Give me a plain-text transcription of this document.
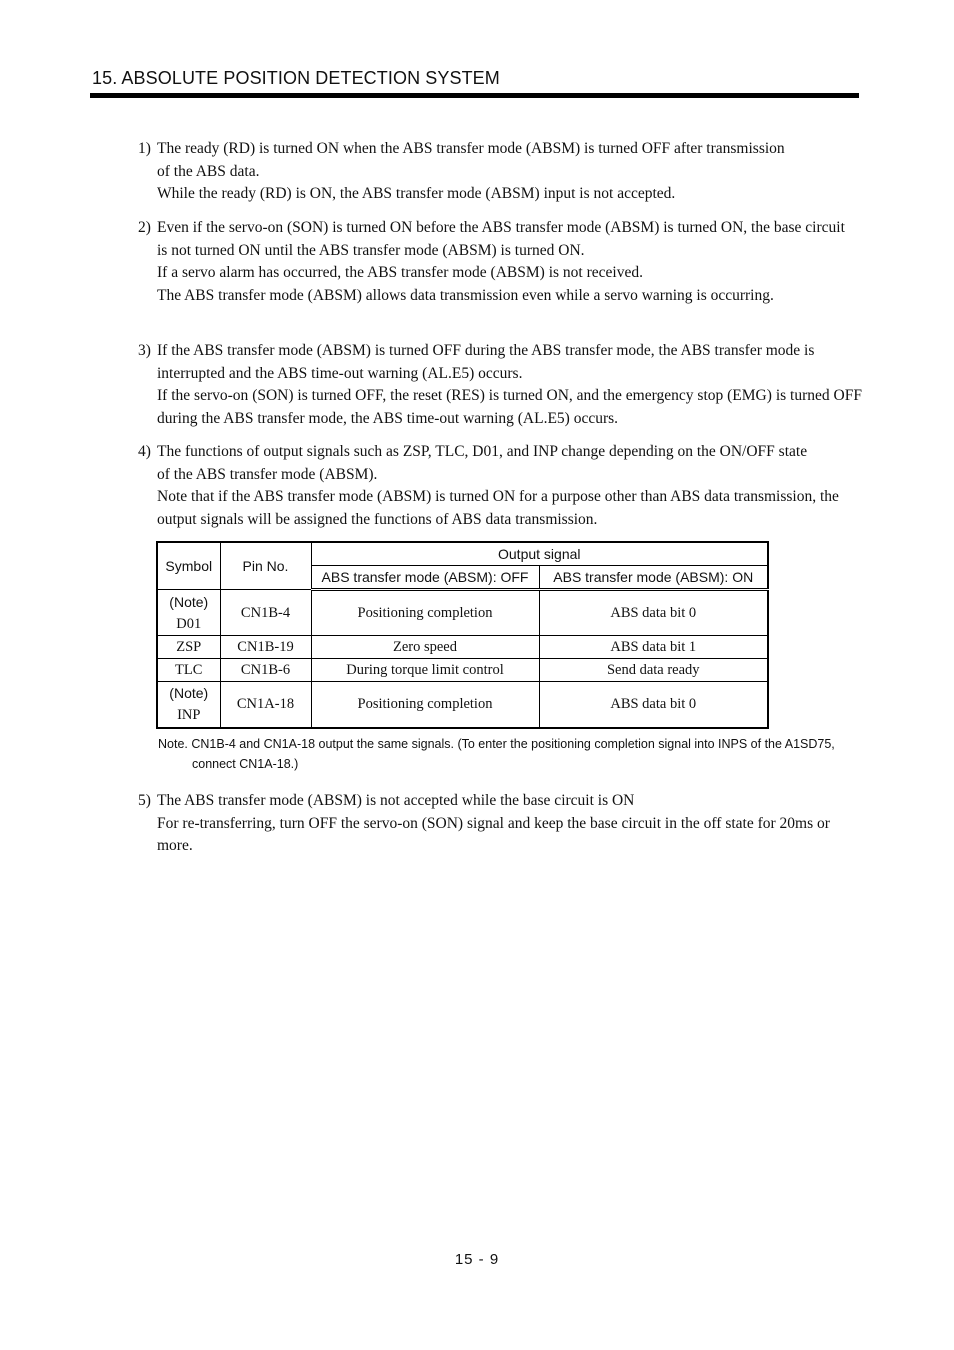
15. ABSOLUTE POSITION DETECTION SYSTEM
1) The ready (RD) is turned ON when the ABS transfer mode (ABSM) is turned OFF after transmission of the ABS data.

While the ready (RD) is ON, the ABS transfer mode (ABSM) input is not accepted.

2) Even if the servo-on (SON) is turned ON before the ABS transfer mode (ABSM) is turned ON, the base circuit is not turned ON until the ABS transfer mode (ABSM) is turned ON.

If a servo alarm has occurred, the ABS transfer mode (ABSM) is not received.

The ABS transfer mode (ABSM) allows data transmission even while a servo warning is occurring.

3) If the ABS transfer mode (ABSM) is turned OFF during the ABS transfer mode, the ABS transfer mode is interrupted and the ABS time-out warning (AL.E5) occurs.

If the servo-on (SON) is turned OFF, the reset (RES) is turned ON, and the emergency stop (EMG) is turned OFF during the ABS transfer mode, the ABS time-out warning (AL.E5) occurs.

4) The functions of output signals such as ZSP, TLC, D01, and INP change depending on the ON/OFF state of the ABS transfer mode (ABSM).

Note that if the ABS transfer mode (ABSM) is turned ON for a purpose other than ABS data transmission, the output signals will be assigned the functions of ABS data transmission.

Symbol	Pin No.	Output signal	
		ABS transfer mode (ABSM): OFF	ABS transfer mode (ABSM): ON

(Note)
D01	CN1B-4	Positioning completion	ABS data bit 0
ZSP	CN1B-19	Zero speed	ABS data bit 1
TLC	CN1B-6	During torque limit control	Send data ready

(Note)
INP	CN1A-18	Positioning completion	ABS data bit 0
Note. CN1B-4 and CN1A-18 output the same signals. (To enter the positioning completion signal into INPS of the A1SD75,
connect CN1A-18.)
5) The ABS transfer mode (ABSM) is not accepted while the base circuit is ON

For re-transferring, turn OFF the servo-on (SON) signal and keep the base circuit in the off state for 20ms or more.

15 - 9
